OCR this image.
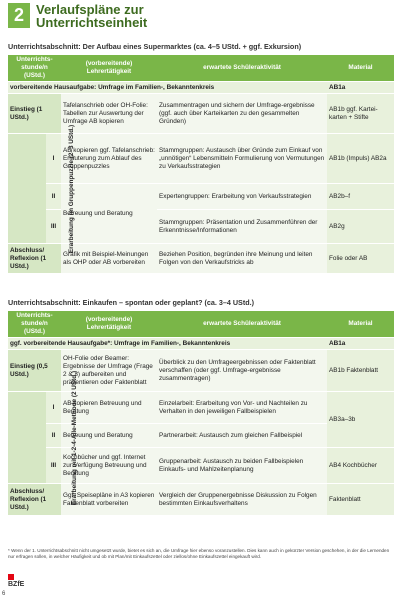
2 Verlaufspläne zur
Unterrichtseinheit
Unterrichtsabschnitt: Der Aufbau eines Supermarktes (ca. 4–5 UStd. + ggf. Exkursion)
Unterrichts-stunde/n (UStd.)		(vorbereitende) Lehrertätigkeit	erwartete Schüleraktivität	Material
vorbereitende Hausaufgabe: Umfrage im Familien-, Bekanntenkreis				AB1a
Einstieg (1 UStd.)		Tafelanschrieb oder OH-Folie: Tabellen zur Auswertung der Umfrage AB kopieren	Zusammentragen und sichern der Umfrage-ergebnisse (ggf. auch über Karteikarten zu den gesammelten Gründen)	AB1b ggf. Kartei-karten + Stifte
Erarbeitung im Gruppenpuzzle (2–3 UStd.)	I	AB kopieren ggf. Tafelanschrieb: Erläuterung zum Ablauf des Gruppenpuzzles	Stammgruppen: Austausch über Gründe zum Einkauf von „unnötigen“ Lebensmitteln Formulierung von Vermutungen zu Verkaufsstrategien	AB1b (Impuls) AB2a
	II	Betreuung und Beratung	Expertengruppen: Erarbeitung von Verkaufsstrategien	AB2b–f
	III		Stammgruppen: Präsentation und Zusammenführen der Erkenntnisse/Informationen	AB2g
Abschluss/ Reflexion (1 UStd.)		Grafik mit Beispiel-Meinungen als OHP oder AB vorbereiten	Beziehen Position, begründen ihre Meinung und leiten Folgen von den Verkaufstricks ab	Folie oder AB
Unterrichtsabschnitt: Einkaufen – spontan oder geplant? (ca. 3–4 UStd.)
Unterrichts-stunde/n (UStd.)		(vorbereitende) Lehrertätigkeit	erwartete Schüleraktivität	Material
ggf. vorbereitende Hausaufgabe*: Umfrage im Familien-, Bekanntenkreis				AB1a
Einstieg (0,5 UStd.)		OH-Folie oder Beamer: Ergebnisse der Umfrage (Frage 2 & 3) aufbereiten und präsentieren oder Faktenblatt	Überblick zu den Umfrageergebnissen oder Faktenblatt verschaffen (oder ggf. Umfrage-ergebnisse zusammentragen)	AB1b Faktenblatt
Erarbeitung mit 1-2-4-Alle-Methode (2 UStd.)	I	AB kopieren Betreuung und Beratung	Einzelarbeit: Erarbeitung von Vor- und Nachteilen zu Verhalten in den jeweiligen Fallbeispielen	AB3a–3b
	II	Betreuung und Beratung	Partnerarbeit: Austausch zum gleichen Fallbeispiel	
	III	Kochbücher und ggf. Internet zur Verfügung Betreuung und Beratung	Gruppenarbeit: Austausch zu beiden Fallbeispielen Einkaufs- und Mahlzeitenplanung	AB4 Kochbücher
Abschluss/ Reflexion (1 UStd.)		Ggf. Speisepläne in A3 kopieren Faktenblatt vorbereiten	Vergleich der Gruppenergebnisse Diskussion zu Folgen bestimmten Einkaufsverhaltens	Faktenblatt
* Wenn der 1. Unterrichtsabschnitt nicht umgesetzt wurde, bietet es sich an, die Umfrage hier ebenso voranzustellen. Dies kann auch in gekürzter Version geschehen, in der die Lernenden nur erfragen sollen, in welcher Häufigkeit und ob mit Plan/mit Einkaufszettel oder ziellos/ohne Einkaufszettel eingekauft wird.
BZfE
6
